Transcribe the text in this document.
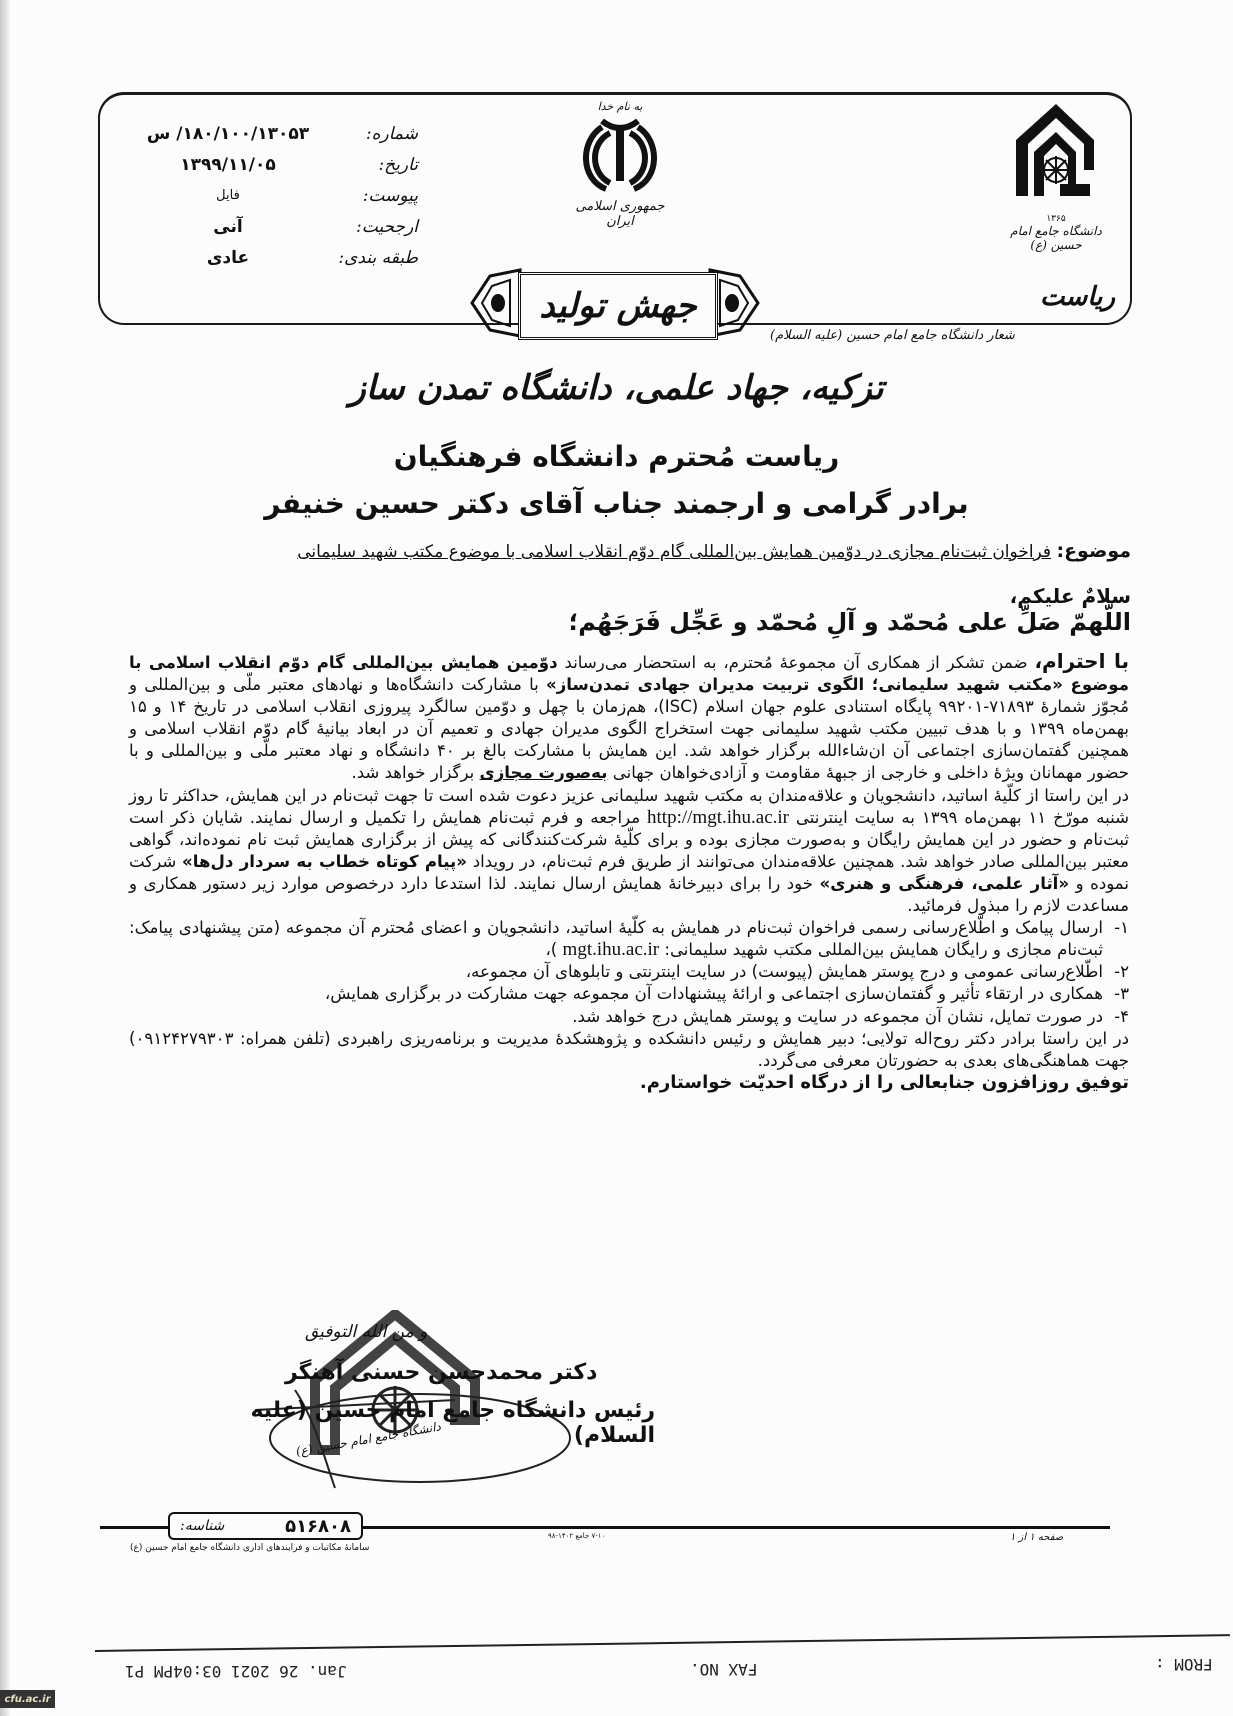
شماره:
۱۸۰/۱۰۰/۱۳۰۵۳/ س
تاریخ:
۱۳۹۹/۱۱/۰۵
پیوست:
فایل
ارجحیت:
آنی
طبقه بندی:
عادی
به نام خدا
جمهوری اسلامی ایران	۱۳۶۵
دانشگاه جامع امام حسین (ع)
ریاست
جهش تولید
شعار دانشگاه جامع امام حسین (علیه السلام)
تزکیه، جهاد علمی، دانشگاه تمدن ساز
ریاست مُحترم دانشگاه فرهنگیان
برادر گرامی و ارجمند جناب آقای دکتر حسین خنیفر
موضوع: فراخوان ثبت‌نام مجازی در دوّمین همایش بین‌المللی گام دوّم انقلاب اسلامی با موضوع مکتب شهید سلیمانی
سلامٌ علیکم،
اللّهمّ صَلِّ علی مُحمّد و آلِ مُحمّد و عَجِّل فَرَجَهُم؛

با احترام، ضمن تشکر از همکاری آن مجموعهٔ مُحترم، به استحضار می‌رساند دوّمین همایش بین‌المللی گام دوّم انقلاب اسلامی با موضوع «مکتب شهید سلیمانی؛ الگوی تربیت مدیران جهادی تمدن‌ساز» با مشارکت دانشگاه‌ها و نهادهای معتبر ملّی و بین‌المللی و مُجوّز شمارهٔ ۷۱۸۹۳-۹۹۲۰۱ پایگاه استنادی علوم جهان اسلام (ISC)، هم‌زمان با چهل و دوّمین سالگرد پیروزی انقلاب اسلامی در تاریخ ۱۴ و ۱۵ بهمن‌ماه ۱۳۹۹ و با هدف تبیین مکتب شهید سلیمانی جهت استخراج الگوی مدیران جهادی و تعمیم آن در ابعاد بیانیهٔ گام دوّم انقلاب اسلامی و همچنین گفتمان‌سازی اجتماعی آن ان‌شاءالله برگزار خواهد شد. این همایش با مشارکت بالغ بر ۴۰ دانشگاه و نهاد معتبر ملّی و بین‌المللی و با حضور مهمانان ویژهٔ داخلی و خارجی از جبههٔ مقاومت و آزادی‌خواهان جهانی به‌صورت مجازی برگزار خواهد شد.

در این راستا از کلّیهٔ اساتید، دانشجویان و علاقه‌مندان به مکتب شهید سلیمانی عزیز دعوت شده است تا جهت ثبت‌نام در این همایش، حداکثر تا روز شنبه مورّخ ۱۱ بهمن‌ماه ۱۳۹۹ به سایت اینترنتی http://mgt.ihu.ac.ir مراجعه و فرم ثبت‌نام همایش را تکمیل و ارسال نمایند. شایان ذکر است ثبت‌نام و حضور در این همایش رایگان و به‌صورت مجازی بوده و برای کلّیهٔ شرکت‌کنندگانی که پیش از برگزاری همایش ثبت نام نموده‌اند، گواهی معتبر بین‌المللی صادر خواهد شد. همچنین علاقه‌مندان می‌توانند از طریق فرم ثبت‌نام، در رویداد «پیام کوتاه خطاب به سردار دل‌ها» شرکت نموده و «آثار علمی، فرهنگی و هنری» خود را برای دبیرخانهٔ همایش ارسال نمایند. لذا استدعا دارد درخصوص موارد زیر دستور همکاری و مساعدت لازم را مبذول فرمائید.

۱-
ارسال پیامک و اطّلاع‌رسانی رسمی فراخوان ثبت‌نام در همایش به کلّیهٔ اساتید، دانشجویان و اعضای مُحترم آن مجموعه (متن پیشنهادی پیامک: ثبت‌نام مجازی و رایگان همایش بین‌المللی مکتب شهید سلیمانی: mgt.ihu.ac.ir )،
۲-
اطّلاع‌رسانی عمومی و درج پوستر همایش (پیوست) در سایت اینترنتی و تابلوهای آن مجموعه،
۳-
همکاری در ارتقاء تأثیر و گفتمان‌سازی اجتماعی و ارائهٔ پیشنهادات آن مجموعه جهت مشارکت در برگزاری همایش،
۴-
در صورت تمایل، نشان آن مجموعه در سایت و پوستر همایش درج خواهد شد.

در این راستا برادر دکتر روح‌اله تولایی؛ دبیر همایش و رئیس دانشکده و پژوهشکدهٔ مدیریت و برنامه‌ریزی راهبردی (تلفن همراه: ۰۹۱۲۴۲۷۹۳۰۳) جهت هماهنگی‌های بعدی به حضورتان معرفی می‌گردد.

توفیق روزافزون جنابعالی را از درگاه احدیّت خواستارم.

و من الله التوفیق
دکتر محمدحسن حسنی آهنگر
رئیس دانشگاه جامع امام حسین (علیه السلام)
دانشگاه جامع امام حسین (ع)
شناسه:	۵۱۶۸۰۸
سامانهٔ مکاتبات و فرایندهای اداری دانشگاه جامع امام حسین (ع)
۷-۱۰ جامع ۱۴۰۲-۹۸	صفحه ۱ از ۱
FROM :
FAX NO.
Jan. 26 2021 03:04PM P1
cfu.ac.ir
